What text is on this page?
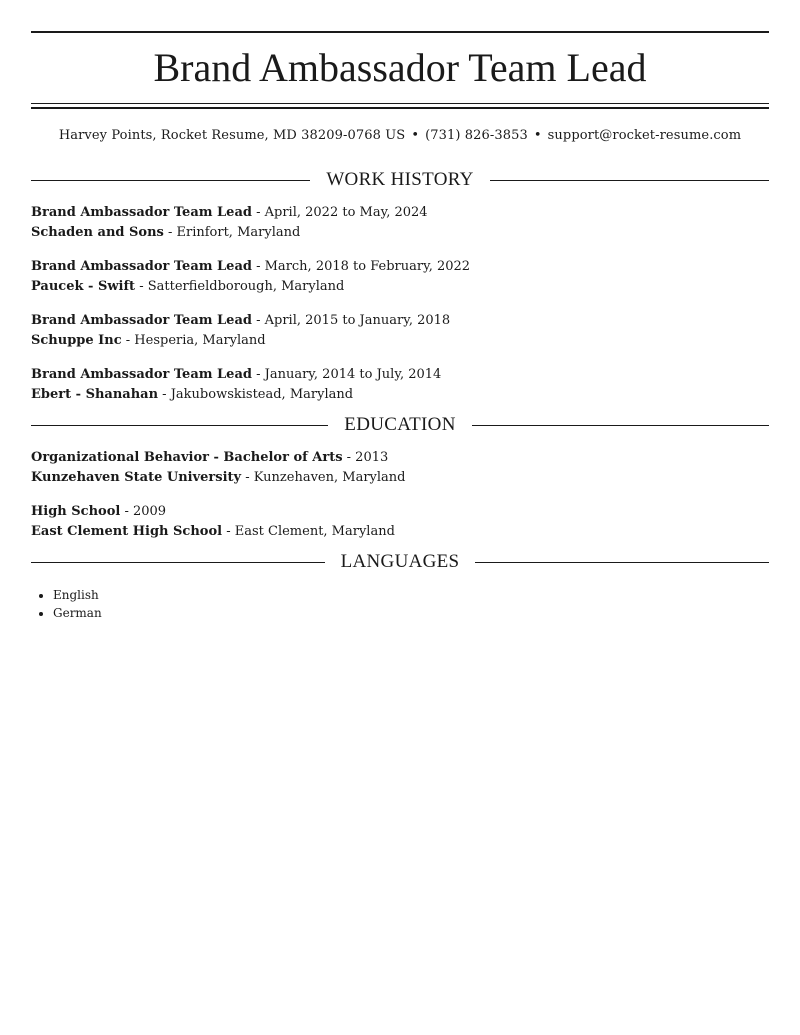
Brand Ambassador Team Lead
Harvey Points, Rocket Resume, MD 38209-0768 US • (731) 826-3853 • support@rocket-resume.com
WORK HISTORY
Brand Ambassador Team Lead - April, 2022 to May, 2024
Schaden and Sons - Erinfort, Maryland
Brand Ambassador Team Lead - March, 2018 to February, 2022
Paucek - Swift - Satterfieldborough, Maryland
Brand Ambassador Team Lead - April, 2015 to January, 2018
Schuppe Inc - Hesperia, Maryland
Brand Ambassador Team Lead - January, 2014 to July, 2014
Ebert - Shanahan - Jakubowskistead, Maryland
EDUCATION
Organizational Behavior - Bachelor of Arts - 2013
Kunzehaven State University - Kunzehaven, Maryland
High School - 2009
East Clement High School - East Clement, Maryland
LANGUAGES
• English
• German
